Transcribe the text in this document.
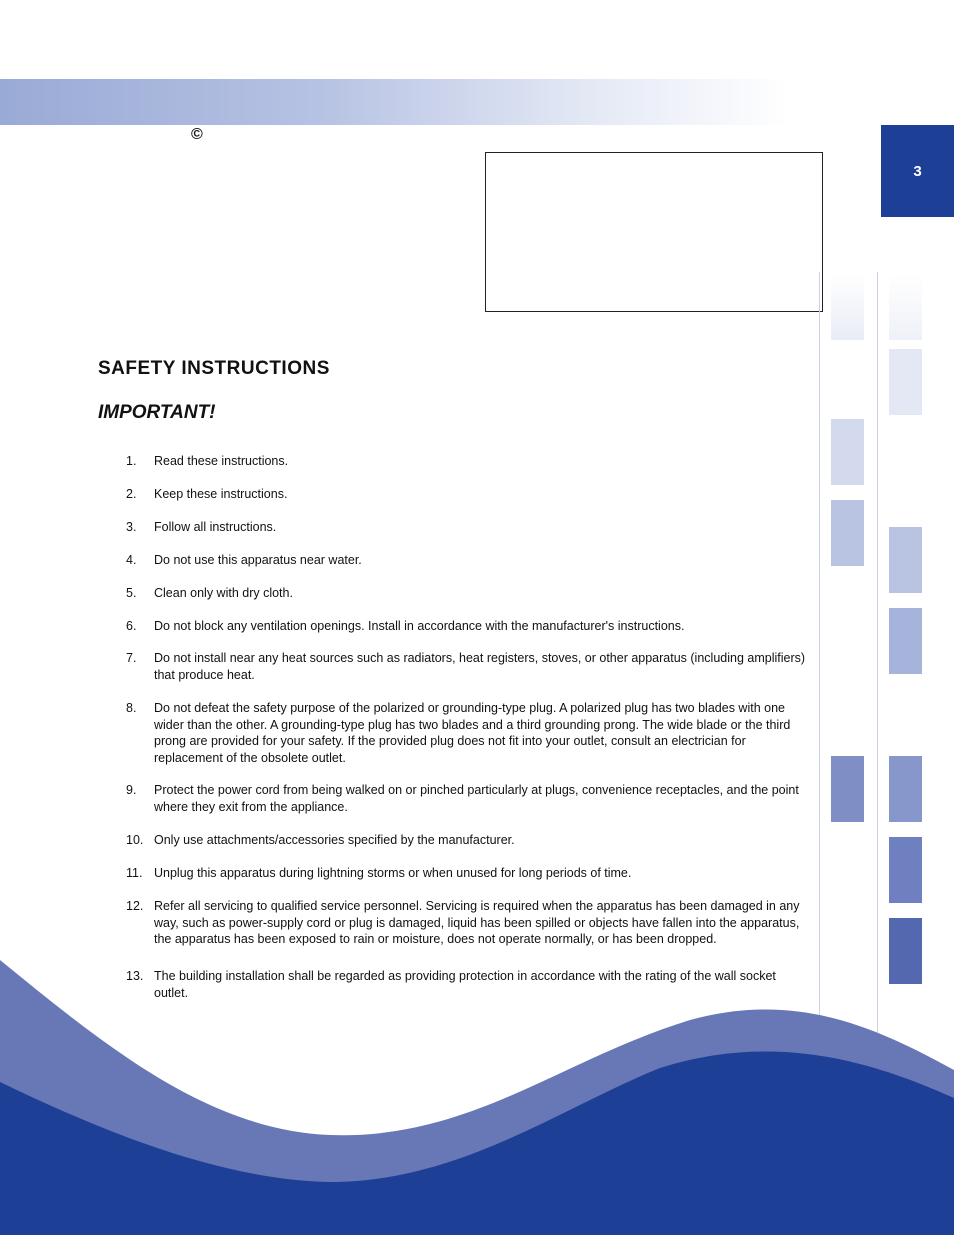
©
3
SAFETY INSTRUCTIONS
IMPORTANT!
1. Read these instructions.
2. Keep these instructions.
3. Follow all instructions.
4. Do not use this apparatus near water.
5. Clean only with dry cloth.
6. Do not block any ventilation openings. Install in accordance with the manufacturer's instructions.
7. Do not install near any heat sources such as radiators, heat registers, stoves, or other apparatus (including amplifiers) that produce heat.
8. Do not defeat the safety purpose of the polarized or grounding-type plug. A polarized plug has two blades with one wider than the other. A grounding-type plug has two blades and a third grounding prong. The wide blade or the third prong are provided for your safety. If the provided plug does not fit into your outlet, consult an electrician for replacement of the obsolete outlet.
9. Protect the power cord from being walked on or pinched particularly at plugs, convenience receptacles, and the point where they exit from the appliance.
10. Only use attachments/accessories specified by the manufacturer.
11. Unplug this apparatus during lightning storms or when unused for long periods of time.
12. Refer all servicing to qualified service personnel. Servicing is required when the apparatus has been damaged in any way, such as power-supply cord or plug is damaged, liquid has been spilled or objects have fallen into the apparatus, the apparatus has been exposed to rain or moisture, does not operate normally, or has been dropped.
13. The building installation shall be regarded as providing protection in accordance with the rating of the wall socket outlet.
